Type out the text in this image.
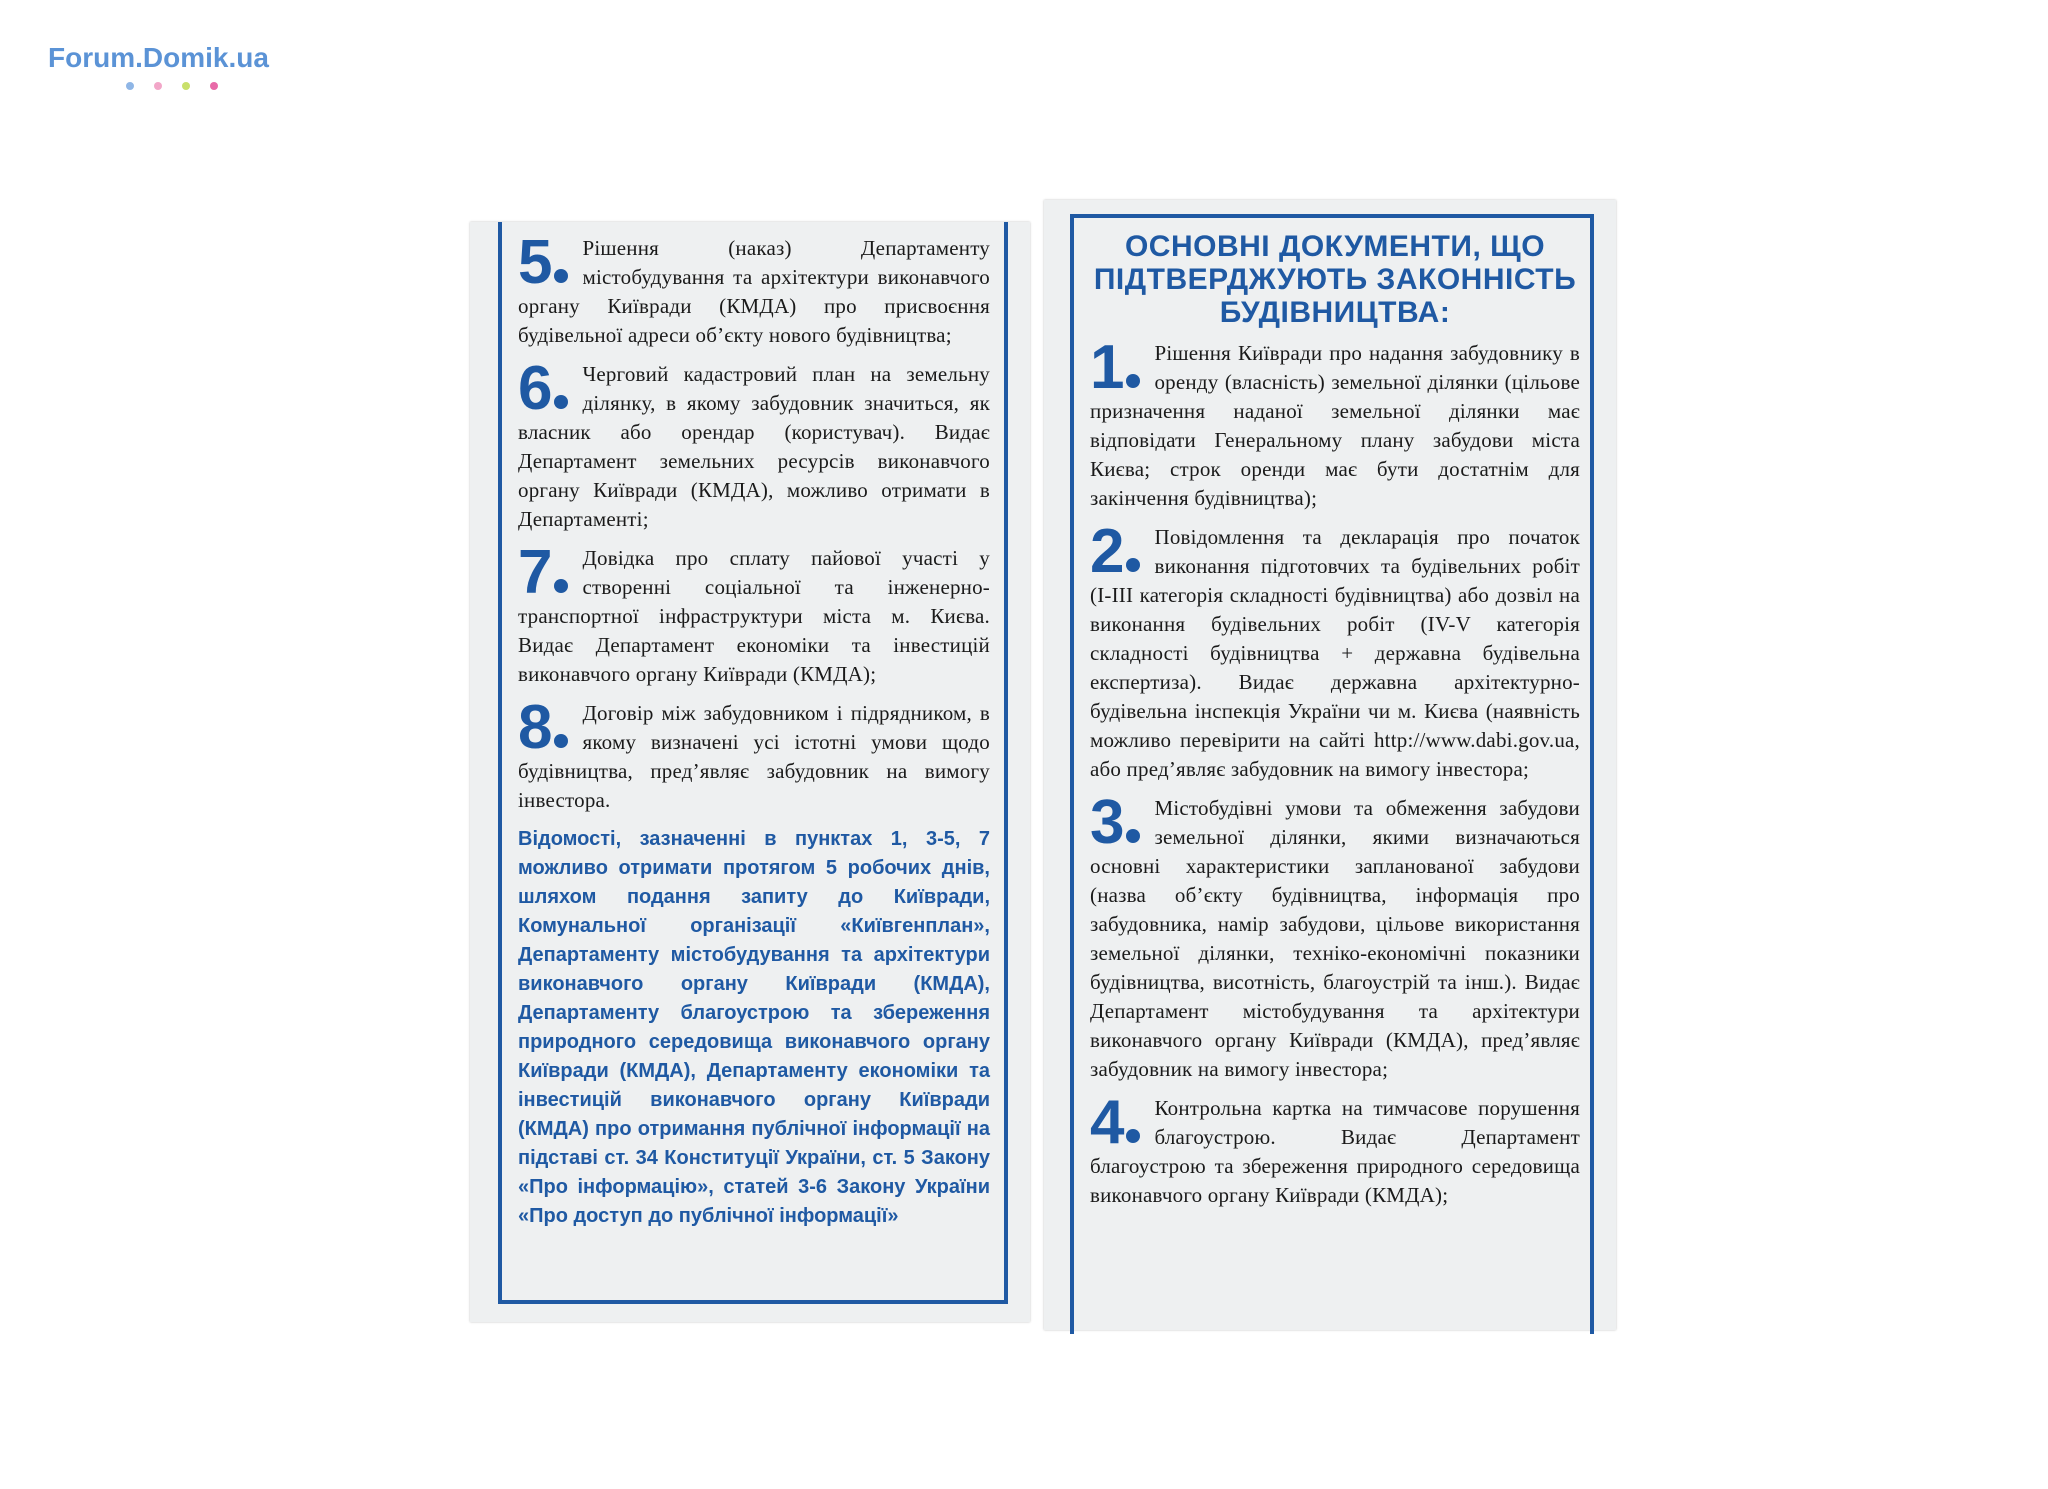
Forum.Domik.ua
5	Рішення (наказ) Департаменту містобудування та архітектури виконавчого органу Київради (КМДА) про присвоєння будівельної адреси об’єкту нового будівництва;
6	Черговий кадастровий план на земельну ділянку, в якому забудовник значиться, як власник або орендар (користувач). Видає Департамент земельних ресурсів виконавчого органу Київради (КМДА), можливо отримати в Департаменті;
7	Довідка про сплату пайової участі у створенні соціальної та інженерно-транспортної інфраструктури міста м. Києва. Видає Департамент економіки та інвестицій виконавчого органу Київради (КМДА);
8	Договір між забудовником і підрядником, в якому визначені усі істотні умови щодо будівництва, пред’являє забудовник на вимогу інвестора.
Відомості, зазначенні в пунктах 1, 3-5, 7 можливо отримати протягом 5 робочих днів, шляхом подання запиту до Київради, Комунальної організації «Київгенплан», Департаменту містобудування та архітектури виконавчого органу Київради (КМДА), Департаменту благоустрою та збереження природного середовища виконавчого органу Київради (КМДА), Департаменту економіки та інвестицій виконавчого органу Київради (КМДА) про отримання публічної інформації на підставі ст. 34 Конституції України, ст. 5 Закону «Про інформацію», статей 3-6 Закону України «Про доступ до публічної інформації»
ОСНОВНІ ДОКУМЕНТИ, ЩО ПІДТВЕРДЖУЮТЬ ЗАКОННІСТЬ БУДІВНИЦТВА:
1	Рішення Київради про надання забудовнику в оренду (власність) земельної ділянки (цільове призначення наданої земельної ділянки має відповідати Генеральному плану забудови міста Києва; строк оренди має бути достатнім для закінчення будівництва);
2	Повідомлення та декларація про початок виконання підготовчих та будівельних робіт (I-III категорія складності будівництва) або дозвіл на виконання будівельних робіт (IV-V категорія складності будівництва + державна будівельна експертиза). Видає державна архітектурно-будівельна інспекція України чи м. Києва (наявність можливо перевірити на сайті http://www.dabi.gov.ua, або пред’являє забудовник на вимогу інвестора;
3	Містобудівні умови та обмеження забудови земельної ділянки, якими визначаються основні характеристики запланованої забудови (назва об’єкту будівництва, інформація про забудовника, намір забудови, цільове використання земельної ділянки, техніко-економічні показники будівництва, висотність, благоустрій та інш.). Видає Департамент містобудування та архітектури виконавчого органу Київради (КМДА), пред’являє забудовник на вимогу інвестора;
4	Контрольна картка на тимчасове порушення благоустрою. Видає Департамент благоустрою та збереження природного середовища виконавчого органу Київради (КМДА);
